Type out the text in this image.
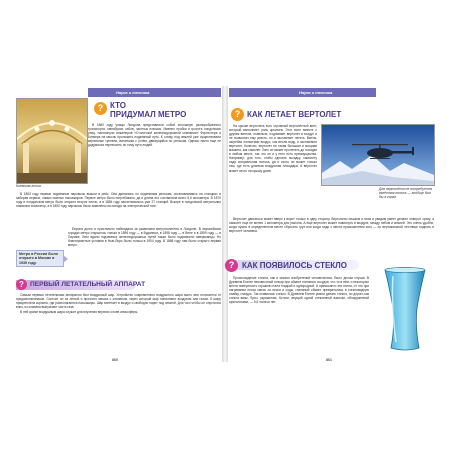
Наука и техника
Киевская линия.
? КТО
ПРИДУМАЛ МЕТРО

В 1860 году улицы Лондона представляли собой сплошную разноробразного транспорта: омнибусов, кэбов, частных повозок. Именно пробки и грохота лондонских улиц, натолкнули инженеров «Столичной железнодорожной компании» Форгестера и Бинкера на мысль проложить подземный путь. К слову, под землей уже существовали кирпичные туннели, вагончики с углём, движущийся по рельсам. Однако никто еще не додумался перевозить по тому пути людей.

В 1863 году первые подземные паровозы вышли в рейс. Они двигались по подземным рельсам, останавливаясь на станциях и забирая первых, самых смелых пассажиров. Первое метро было потребовано, да и длина его составляла всего 5,6 километра. В 1870 году в лондонском метро было открыто второе плечо, а в 1884 году насчитывалось уже 27 станций. Вскоре в лондонской метрополии появился эскалатор, а в 1890 году паровозы были заменены на поезда на электрической тяге.

Метро в России было открыто в Москве в 1935 году.

Европа долго и пристально наблюдала за развитием метрополитена в Лондоне. В европейских городах метро открылось только в 1896 году — в Будапешт, в 1898 году — в Вене и в 1899 году — в Париже. Зато вдали подземных железнодорожных путей также было подхвачено американцы. Но благоприятные условия в Нью-Йорк были только в 1904 году. В 1868 году там было открыто первая метро.

? ПЕРВЫЙ ЛЕТАТЕЛЬНЫЙ АППАРАТ

Самым первым летательным аппаратом был воздушный шар. Устройство современного воздушного шара мало чем отличается от предшественников. Состоит он из легкой и прочного мешка с клапаном, через который шар наполняют воздухом или газом. К шару прикреплена корзина, где располагаются пассажиры. Шар взлетает в воздух и свободно парит под землей. Для того чтобы он опустился вниз, из клапана выпускают часть газа.

В ней кроме воздушным шара служит для изучения верхних слоев атмосферы.

860
Наука и техника
? КАК ЛЕТАЕТ ВЕРТОЛЕТ

На крыше вертолета есть огромный вертолётный винт, который выполняет роль крыльев. Этот винт вместе с другим винтом, помельче, поднимает вертолет в воздух и не позволяет ему упасть, но и заставляет лететь. Винты, загребая лопастями воздух, как весла воду, и заставляют вертолет. Конечно, вертолет не такая большая и мощная машина, как самолет. Зато он может пролетать до посадки в любом месте, так что он и у него есть преимущества. Например, для того, чтобы сделать посадку, самолету надо специальная полоса, да и сесть он может только там, где есть длинная воздушная площадка. А вертолет может сесть на крышу дома.

Для вертолёта не потребуется взлётная полоса — вообще был бы в горах.

Вертолет двигаться может вверх к ворот только в одну сторону. Вертолеты пешком и вниз и увидим умеет делают поворот сразу, а самолет еще не менее 1 километра для разгона. А еще вертолет может повиснуть в воздухе, между небом и землей. Это очень удобно, когда нужно в определенном месте сбросить груз или когда надо с места происшествия кого — по вертикальной лестнице поднять в вертолет человека.

? КАК ПОЯВИЛОСЬ СТЕКЛО

Происхождение стекла, как и многих изобретений человечества, было делом случая. В Древнем Египте неизвестный гончар при обжиге глиняных сосудов, что-то в нём, и некоторые места поверхность горшков стала гладкой и однородной. А прямоканто эти пятна, от что при нагревании песка смесь из песка и соды, глиняный обжиге превратилась в стекловидную спайку, глазурь. Так появилась стекло. В Древнем Египте умели делать стекло, но дорого как стекла вазы, бусы, украшения. Кстати, веущий одной стеклянной вазочки, обнаруженной археологами, — 5,5 тысячи лет.

861
